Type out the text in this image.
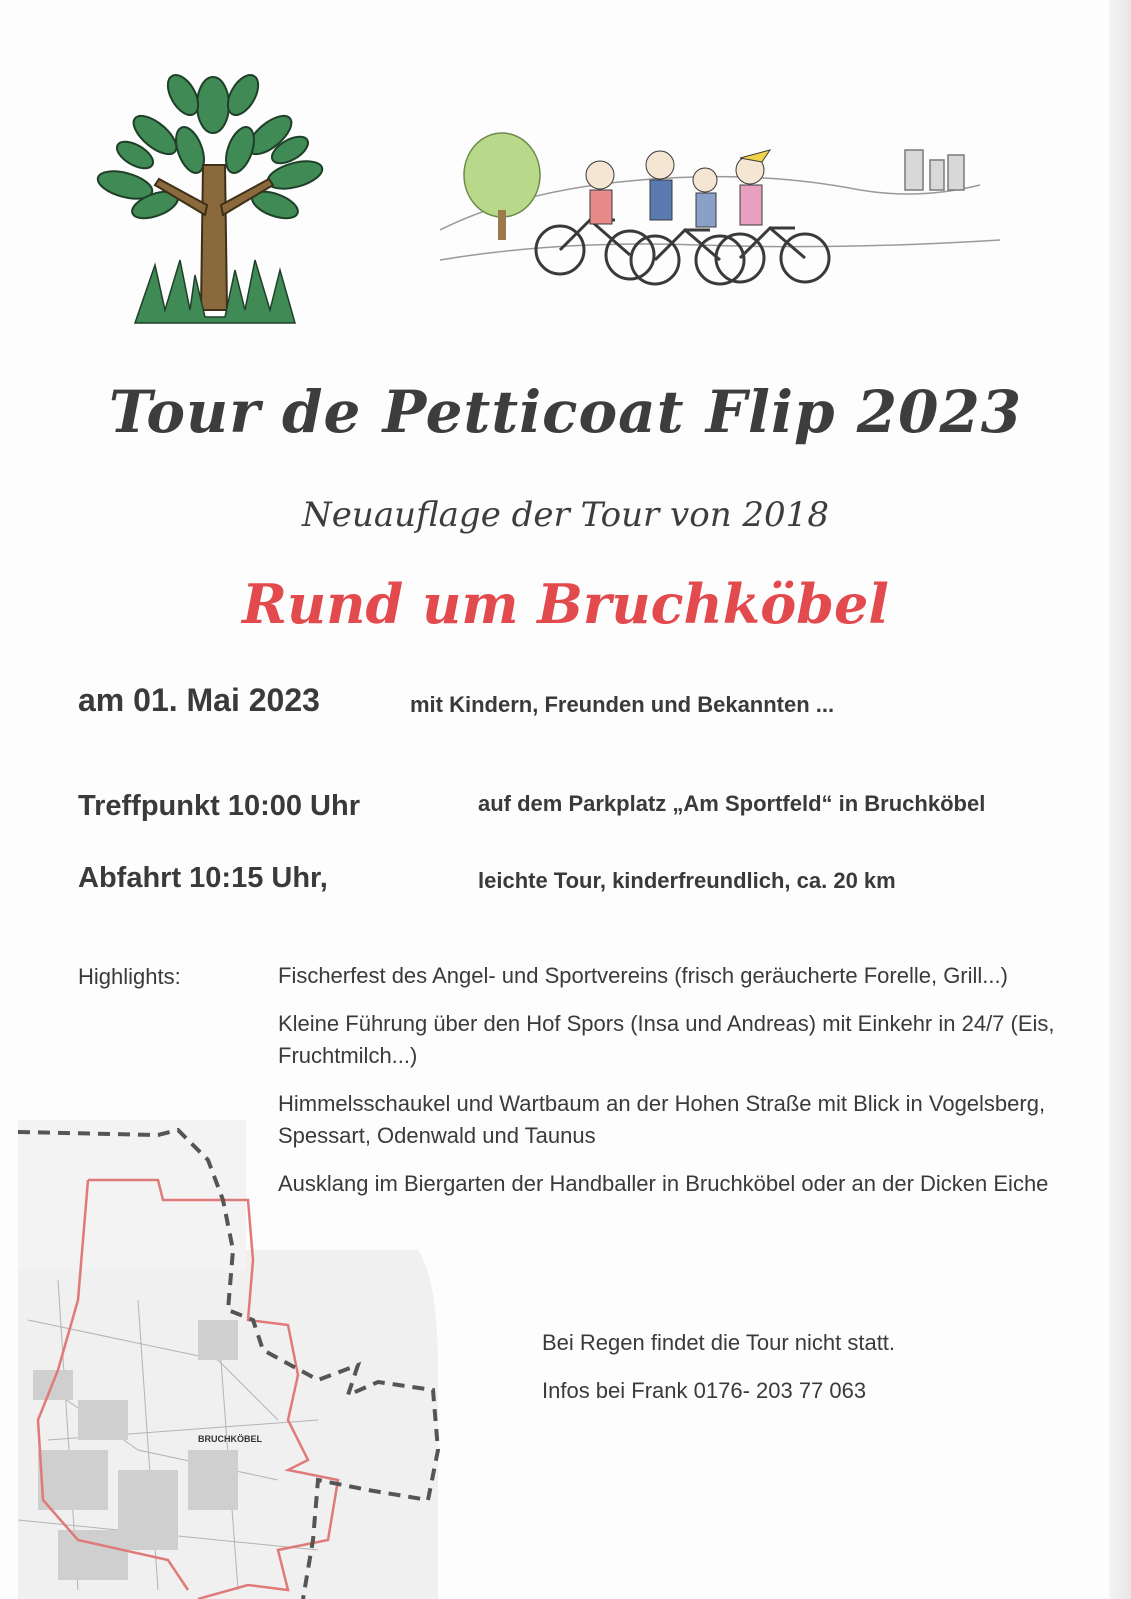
Tour de Petticoat Flip 2023
Neuauflage der Tour von 2018
Rund um Bruchköbel
am 01. Mai 2023	mit Kindern, Freunden und Bekannten ...
Treffpunkt 10:00 Uhr	auf dem Parkplatz „Am Sportfeld“ in Bruchköbel
Abfahrt 10:15 Uhr,	leichte Tour, kinderfreundlich, ca. 20 km
Highlights:	Fischerfest des Angel- und Sportvereins (frisch geräucherte Forelle, Grill...)
Kleine Führung über den Hof Spors (Insa und Andreas) mit Einkehr in 24/7 (Eis, Fruchtmilch...)
Himmelsschaukel und Wartbaum an der Hohen Straße mit Blick in Vogelsberg, Spessart, Odenwald und Taunus
Ausklang im Biergarten der Handballer in Bruchköbel oder an der Dicken Eiche
BRUCHKÖBEL
Bei Regen findet die Tour nicht statt.
Infos bei Frank 0176- 203 77 063
